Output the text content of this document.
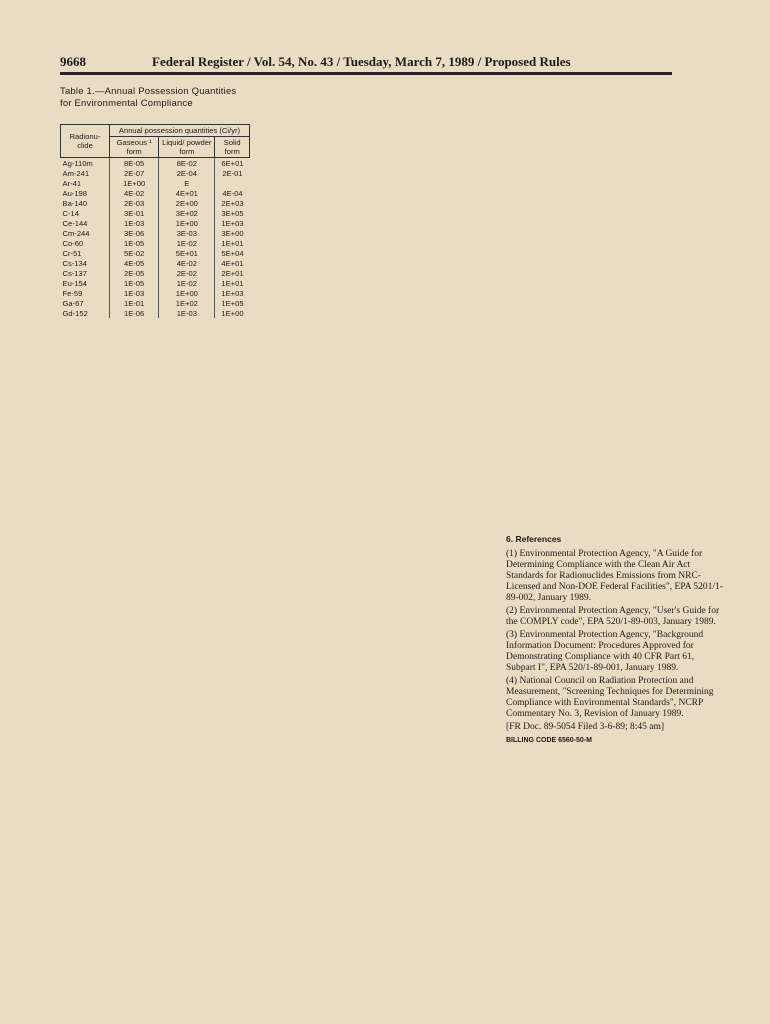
9668	Federal Register / Vol. 54, No. 43 / Tuesday, March 7, 1989 / Proposed Rules
Table 1.—Annual Possession Quantities for Environmental Compliance
Radionu-clide	Annual possession quantities (Ci/yr)		
	Gaseous ¹ form	Liquid/ powder form	Solid form
Ag-110m	8E-05	8E-02	6E+01
Am-241	2E-07	2E-04	2E-01
Ar-41	1E+00	E	
Au-198	4E-02	4E+01	4E-04
Ba-140	2E-03	2E+00	2E+03
C-14	3E-01	3E+02	3E+05
Ce-144	1E-03	1E+00	1E+03
Cm-244	3E-06	3E-03	3E+00
Co-60	1E-05	1E-02	1E+01
Cr-51	5E-02	5E+01	5E+04
Cs-134	4E-05	4E-02	4E+01
Cs-137	2E-05	2E-02	2E+01
Eu-154	1E-05	1E-02	1E+01
Fe-59	1E-03	1E+00	1E+03
Ga-67	1E-01	1E+02	1E+05
Gd-152	1E-06	1E-03	1E+00

6. References

(1) Environmental Protection Agency, "A Guide for Determining Compliance with the Clean Air Act Standards for Radionuclides Emissions from NRC-Licensed and Non-DOE Federal Facilities", EPA 5201/1-89-002, January 1989.

(2) Environmental Protection Agency, "User's Guide for the COMPLY code", EPA 520/1-89-003, January 1989.

(3) Environmental Protection Agency, "Background Information Document: Procedures Approved for Demonstrating Compliance with 40 CFR Part 61, Subpart I", EPA 520/1-89-001, January 1989.

(4) National Council on Radiation Protection and Measurement, "Screening Techniques for Determining Compliance with Environmental Standards", NCRP Commentary No. 3, Revision of January 1989.

[FR Doc. 89-5054 Filed 3-6-89; 8:45 am]

BILLING CODE 6560-50-M
